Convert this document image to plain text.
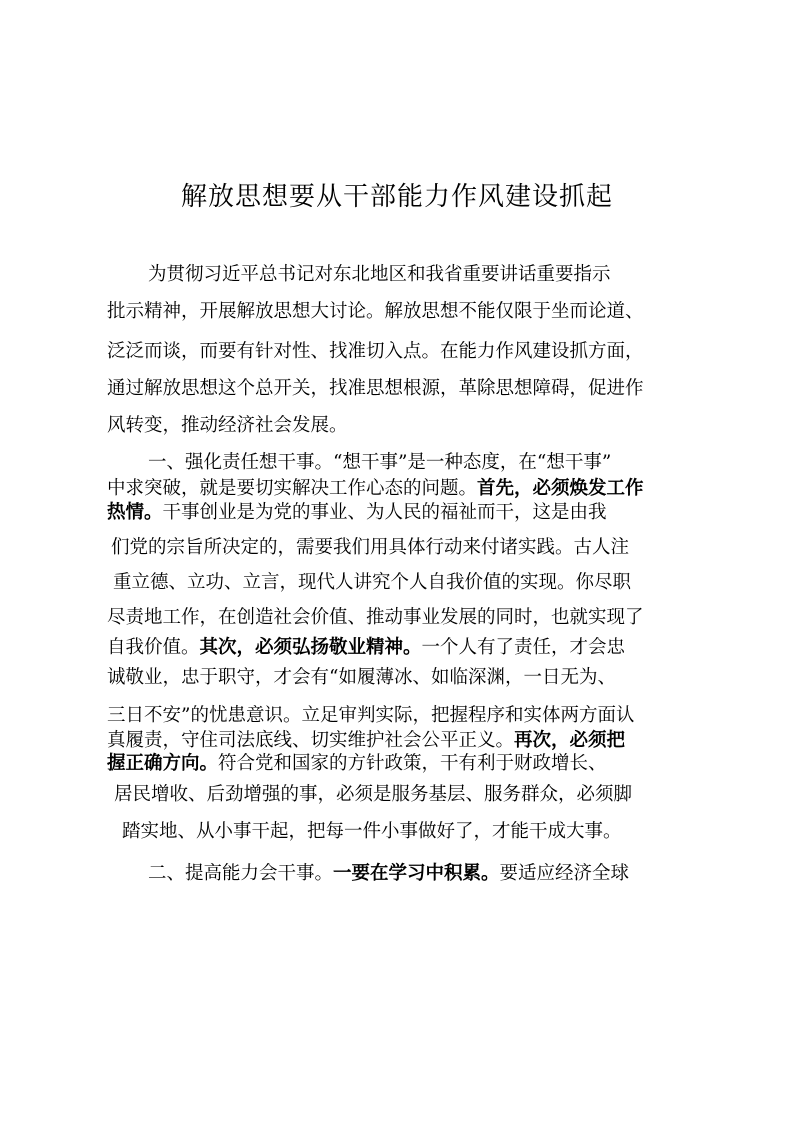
解放思想要从干部能力作风建设抓起
为贯彻习近平总书记对东北地区和我省重要讲话重要指示
批示精神，开展解放思想大讨论。解放思想不能仅限于坐而论道、
泛泛而谈，而要有针对性、找准切入点。在能力作风建设抓方面，
通过解放思想这个总开关，找准思想根源，革除思想障碍，促进作
风转变，推动经济社会发展。
一、强化责任想干事。“想干事”是一种态度，在“想干事”
中求突破，就是要切实解决工作心态的问题。首先，必须焕发工作
热情。干事创业是为党的事业、为人民的福祉而干，这是由我
们党的宗旨所决定的，需要我们用具体行动来付诸实践。古人注
重立德、立功、立言，现代人讲究个人自我价值的实现。你尽职
尽责地工作，在创造社会价值、推动事业发展的同时，也就实现了
自我价值。其次，必须弘扬敬业精神。一个人有了责任，才会忠
诚敬业，忠于职守，才会有“如履薄冰、如临深渊，一日无为、
三日不安”的忧患意识。立足审判实际，把握程序和实体两方面认
真履责，守住司法底线、切实维护社会公平正义。再次，必须把
握正确方向。符合党和国家的方针政策，干有利于财政增长、
居民增收、后劲增强的事，必须是服务基层、服务群众，必须脚
踏实地、从小事干起，把每一件小事做好了，才能干成大事。
二、提高能力会干事。一要在学习中积累。要适应经济全球
